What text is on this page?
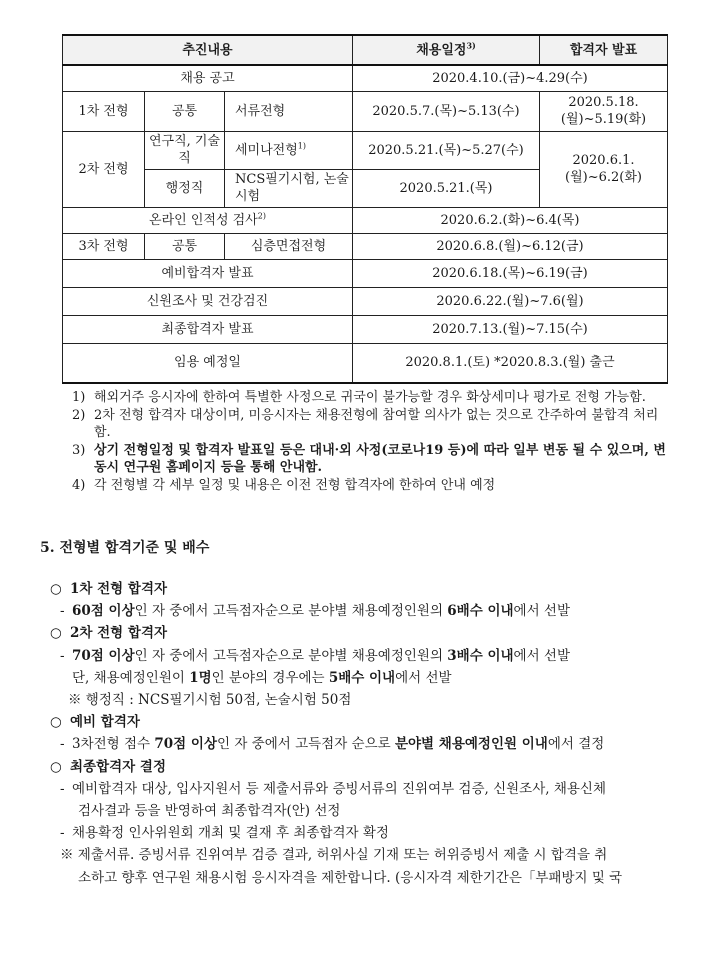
추진내용			채용일정$^{3)}$	합격자 발표
채용 공고			2020.4.10.(금)~4.29(수)	
1차 전형	공통	서류전형	2020.5.7.(목)~5.13(수)	2020.5.18.(월)~5.19(화)
2차 전형	연구직, 기술직	세미나전형$^{1)}$	2020.5.21.(목)~5.27(수)	2020.6.1.(월)~6.2(화)
	행정직	NCS필기시험, 논술시험	2020.5.21.(목)	
온라인 인적성 검사$^{2)}$			2020.6.2.(화)~6.4(목)	
3차 전형	공통	심층면접전형	2020.6.8.(월)~6.12(금)	
예비합격자 발표			2020.6.18.(목)~6.19(금)	
신원조사 및 건강검진			2020.6.22.(월)~7.6(월)	
최종합격자 발표			2020.7.13.(월)~7.15(수)	
임용 예정일			2020.8.1.(토) *2020.8.3.(월) 출근	
1) 해외거주 응시자에 한하여 특별한 사정으로 귀국이 불가능할 경우 화상세미나 평가로 전형 가능함.
2) 2차 전형 합격자 대상이며, 미응시자는 채용전형에 참여할 의사가 없는 것으로 간주하여 불합격 처리함.
3) 상기 전형일정 및 합격자 발표일 등은 대내·외 사정(코로나19 등)에 따라 일부 변동 될 수 있으며, 변동시 연구원 홈페이지 등을 통해 안내함.
4) 각 전형별 각 세부 일정 및 내용은 이전 전형 합격자에 한하여 안내 예정
5. 전형별 합격기준 및 배수
○ 1차 전형 합격자
- 60점 이상인 자 중에서 고득점자순으로 분야별 채용예정인원의 6배수 이내에서 선발
○ 2차 전형 합격자
- 70점 이상인 자 중에서 고득점자순으로 분야별 채용예정인원의 3배수 이내에서 선발
단, 채용예정인원이 1명인 분야의 경우에는 5배수 이내에서 선발
※ 행정직 : NCS필기시험 50점, 논술시험 50점
○ 예비 합격자
- 3차전형 점수 70점 이상인 자 중에서 고득점자 순으로 분야별 채용예정인원 이내에서 결정
○ 최종합격자 결정
- 예비합격자 대상, 입사지원서 등 제출서류와 증빙서류의 진위여부 검증, 신원조사, 채용신체
검사결과 등을 반영하여 최종합격자(안) 선정
- 채용확정 인사위원회 개최 및 결재 후 최종합격자 확정
※ 제출서류. 증빙서류 진위여부 검증 결과, 허위사실 기재 또는 허위증빙서 제출 시 합격을 취
소하고 향후 연구원 채용시험 응시자격을 제한합니다. (응시자격 제한기간은「부패방지 및 국
